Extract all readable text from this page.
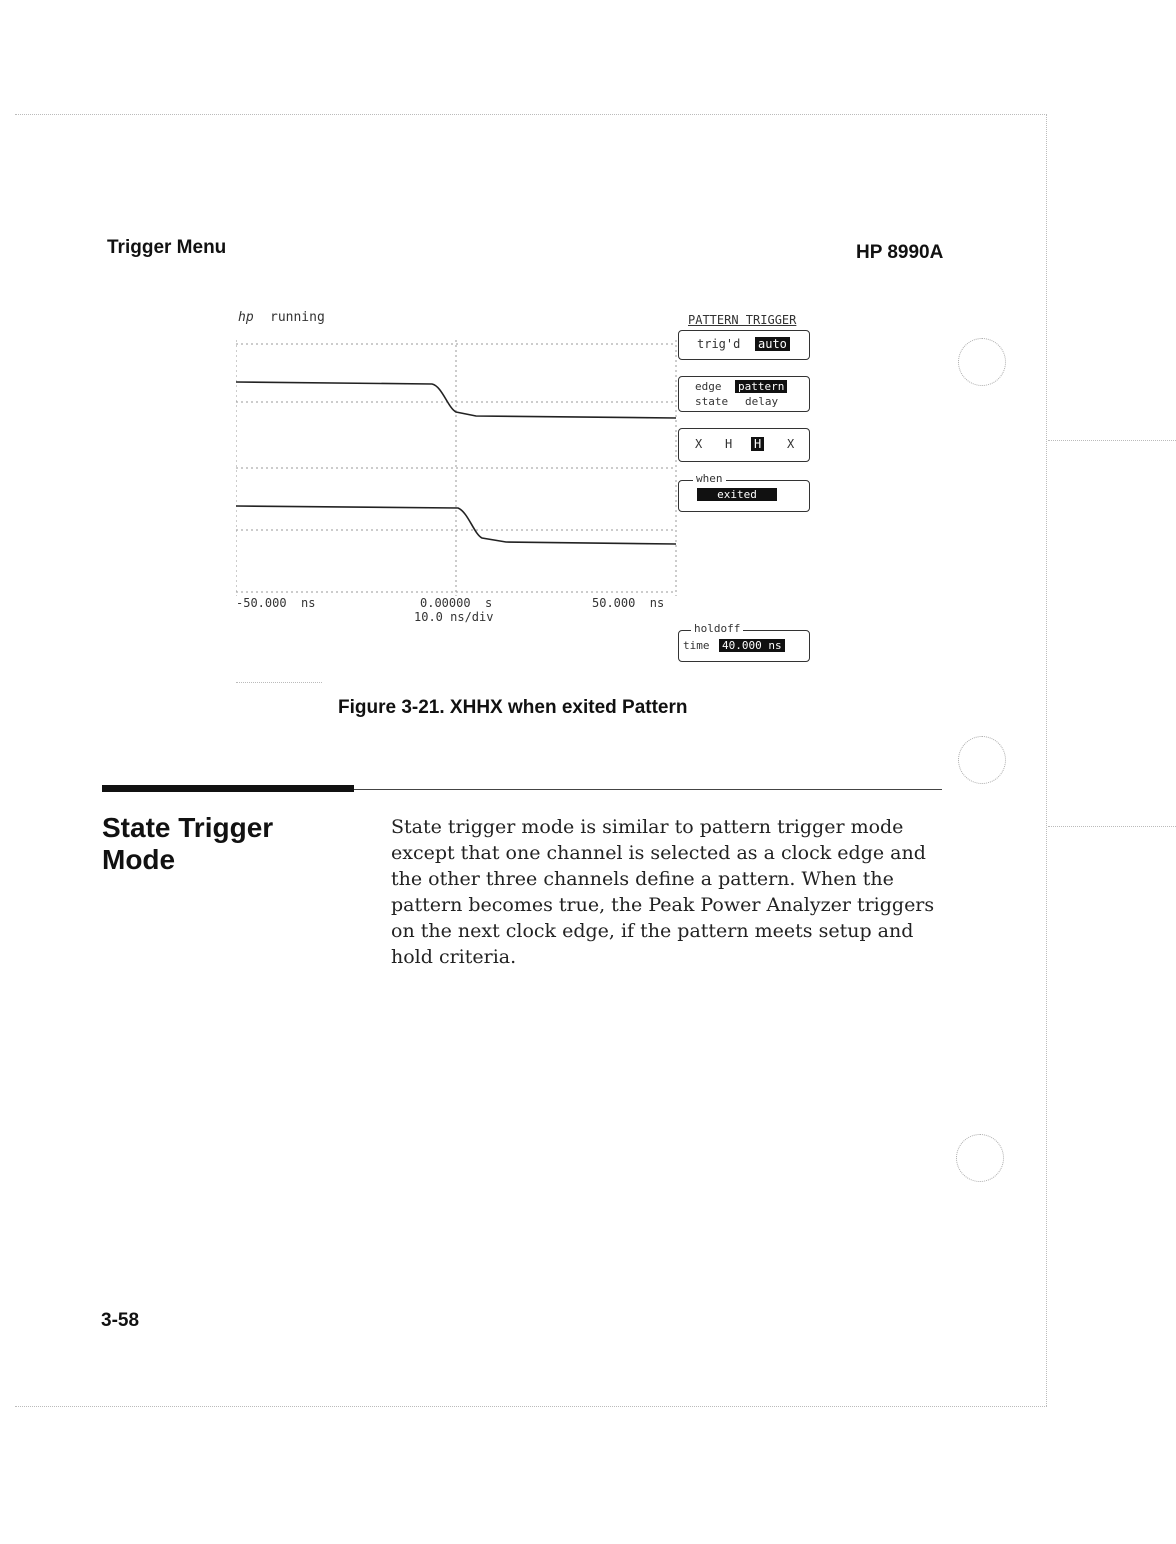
Trigger Menu	HP 8990A
hp running
-50.000  ns	0.00000  s	50.000  ns
10.0 ns/div
PATTERN TRIGGER
trig'd auto
edge pattern
state delay
X H H X
when
exited
holdoff
time 40.000 ns
Figure 3-21. XHHX when exited Pattern
State Trigger
Mode
State trigger mode is similar to pattern trigger mode
except that one channel is selected as a clock edge and
the other three channels define a pattern. When the
pattern becomes true, the Peak Power Analyzer triggers
on the next clock edge, if the pattern meets setup and
hold criteria.
3-58
